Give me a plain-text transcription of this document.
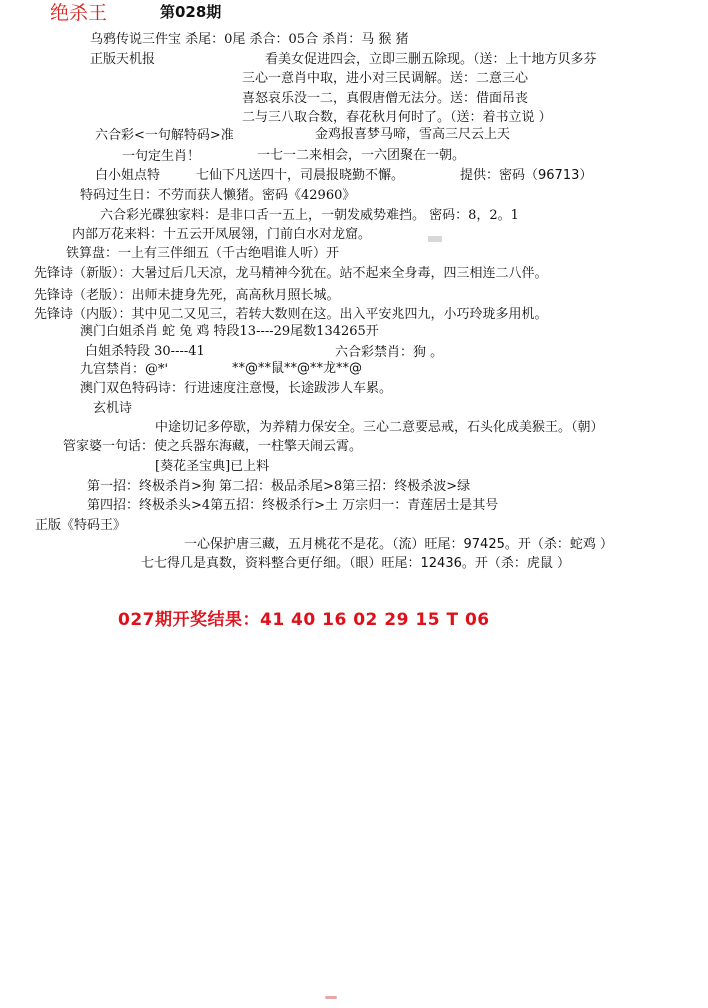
绝杀王	第028期
乌鸦传说三件宝 杀尾：0尾 杀合：05合 杀肖：马 猴 猪
正版天机报	看美女促进四会，立即三删五除现。（送：上十地方贝多芬
三心一意肖中取，进小对三民调解。送：二意三心
喜怒哀乐没一二，真假唐僧无法分。送：借面吊丧
二与三八取合数，春花秋月何时了。（送：着书立说 ）
六合彩<一句解特码>准	金鸡报喜梦马啼，雪高三尺云上天
一句定生肖！	一七一二来相会，一六团聚在一朝。
白小姐点特	七仙下凡送四十，司晨报晓勤不懈。	提供：密码（96713）
特码过生日：不劳而获人懒猪。密码《42960》
六合彩光碟独家料：是非口舌一五上，一朝发威势难挡。 密码：8，2。1
内部万花来料：十五云开凤展翎，门前白水对龙窟。
铁算盘：一上有三伴细五（千古绝唱谁人听）开
先锋诗（新版）：大暑过后几天凉，龙马精神今犹在。站不起来全身毒，四三相连二八伴。
先锋诗（老版）：出师未捷身先死，高高秋月照长城。
先锋诗（内版）：其中见二又见三，若转大数则在这。出入平安兆四九，小巧玲珑多用机。
澳门白姐杀肖 蛇 兔 鸡 特段13----29尾数134265开
白姐杀特段 30----41	六合彩禁肖：狗 。
九宫禁肖：@*'	**@**鼠**@**龙**@
澳门双色特码诗：行进速度注意慢，长途跋涉人车累。
玄机诗
中途切记多停歇，为养精力保安全。三心二意要忌戒，石头化成美猴王。（朝）
管家婆一句话：使之兵器东海藏，一柱擎天闹云霄。
[葵花圣宝典]已上料
第一招：终极杀肖>狗 第二招：极品杀尾>8第三招：终极杀波>绿
第四招：终极杀头>4第五招：终极杀行>土 万宗归一：青莲居士是其号
正版《特码王》
一心保护唐三藏，五月桃花不是花。（流）旺尾：97425。开（杀：蛇鸡 ）
七七得几是真数，资料整合更仔细。（眼）旺尾：12436。开（杀：虎鼠 ）
027期开奖结果：41 40 16 02 29 15 T 06
